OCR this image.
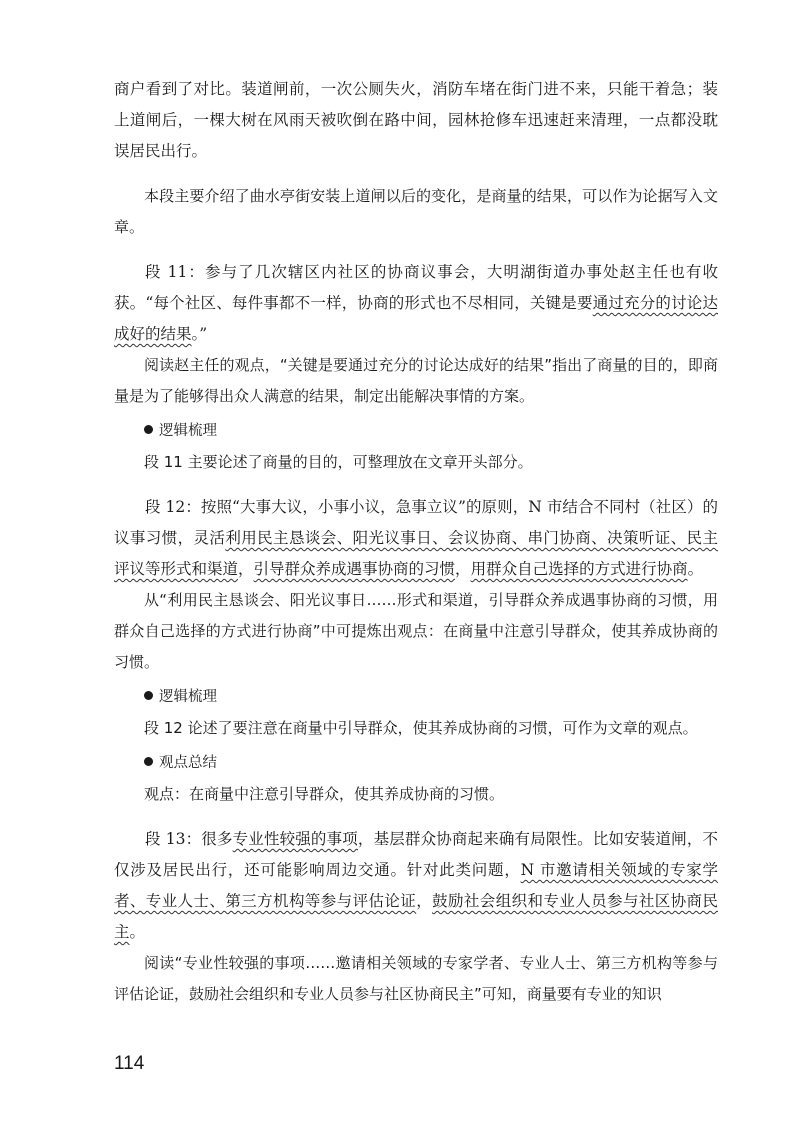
商户看到了对比。装道闸前，一次公厕失火，消防车堵在街门进不来，只能干着急；装上道闸后，一棵大树在风雨天被吹倒在路中间，园林抢修车迅速赶来清理，一点都没耽误居民出行。

本段主要介绍了曲水亭街安装上道闸以后的变化，是商量的结果，可以作为论据写入文章。

段 11：参与了几次辖区内社区的协商议事会，大明湖街道办事处赵主任也有收获。“每个社区、每件事都不一样，协商的形式也不尽相同，关键是要通过充分的讨论达成好的结果。”

阅读赵主任的观点，“关键是要通过充分的讨论达成好的结果”指出了商量的目的，即商量是为了能够得出众人满意的结果，制定出能解决事情的方案。

逻辑梳理
段 11 主要论述了商量的目的，可整理放在文章开头部分。

段 12：按照“大事大议，小事小议，急事立议”的原则，N 市结合不同村（社区）的议事习惯，灵活利用民主恳谈会、阳光议事日、会议协商、串门协商、决策听证、民主评议等形式和渠道，引导群众养成遇事协商的习惯，用群众自己选择的方式进行协商。

从“利用民主恳谈会、阳光议事日……形式和渠道，引导群众养成遇事协商的习惯，用群众自己选择的方式进行协商”中可提炼出观点：在商量中注意引导群众，使其养成协商的习惯。

逻辑梳理
段 12 论述了要注意在商量中引导群众，使其养成协商的习惯，可作为文章的观点。
观点总结
观点：在商量中注意引导群众，使其养成协商的习惯。

段 13：很多专业性较强的事项，基层群众协商起来确有局限性。比如安装道闸，不仅涉及居民出行，还可能影响周边交通。针对此类问题，N 市邀请相关领域的专家学者、专业人士、第三方机构等参与评估论证，鼓励社会组织和专业人员参与社区协商民主。

阅读“专业性较强的事项……邀请相关领域的专家学者、专业人士、第三方机构等参与评估论证，鼓励社会组织和专业人员参与社区协商民主”可知，商量要有专业的知识

114
